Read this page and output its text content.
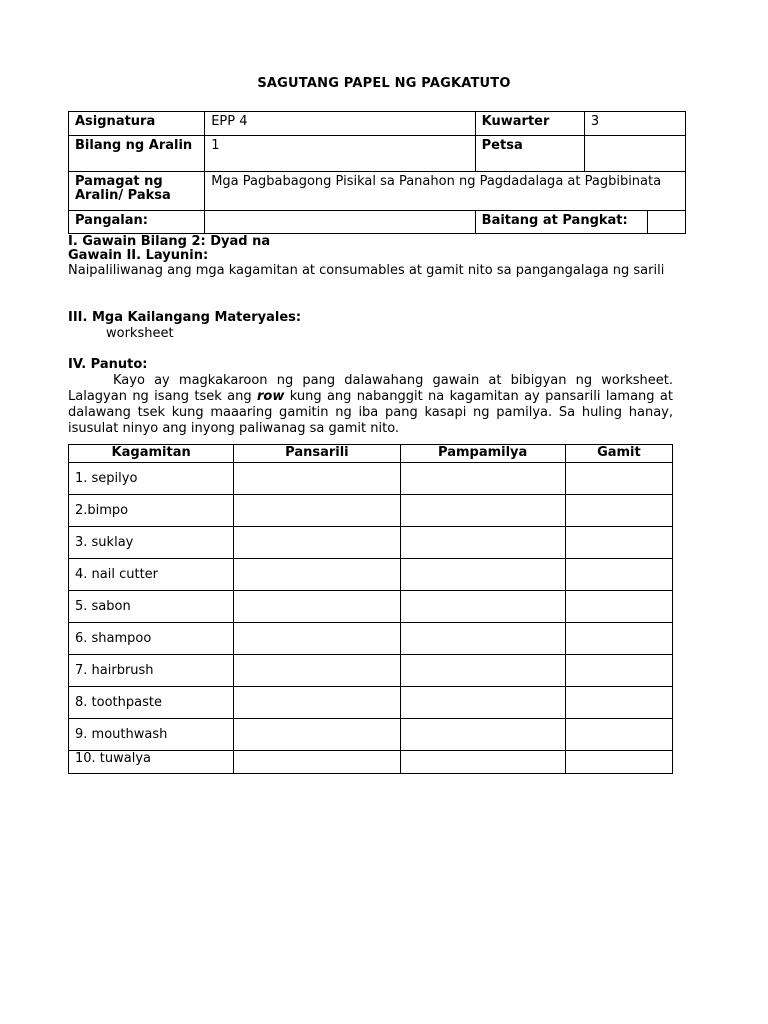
SAGUTANG PAPEL NG PAGKATUTO
Asignatura	EPP 4	Kuwarter	3	
Bilang ng Aralin	1	Petsa		
Pamagat ng Aralin/ Paksa	Mga Pagbabagong Pisikal sa Panahon ng Pagdadalaga at Pagbibinata			
Pangalan:		Baitang at Pangkat:		
I. Gawain Bilang 2: Dyad na
Gawain II. Layunin:
Naipaliliwanag ang mga kagamitan at consumables at gamit nito sa pangangalaga ng sarili
III. Mga Kailangang Materyales:
worksheet
IV. Panuto:
Kayo ay magkakaroon ng pang dalawahang gawain at bibigyan ng worksheet. Lalagyan ng isang tsek ang row kung ang nabanggit na kagamitan ay pansarili lamang at dalawang tsek kung maaaring gamitin ng iba pang kasapi ng pamilya. Sa huling hanay, isusulat ninyo ang inyong paliwanag sa gamit nito.
Kagamitan	Pansarili	Pampamilya	Gamit
1. sepilyo			
2.bimpo			
3. suklay			
4. nail cutter			
5. sabon			
6. shampoo			
7. hairbrush			
8. toothpaste			
9. mouthwash			
10. tuwalya			
